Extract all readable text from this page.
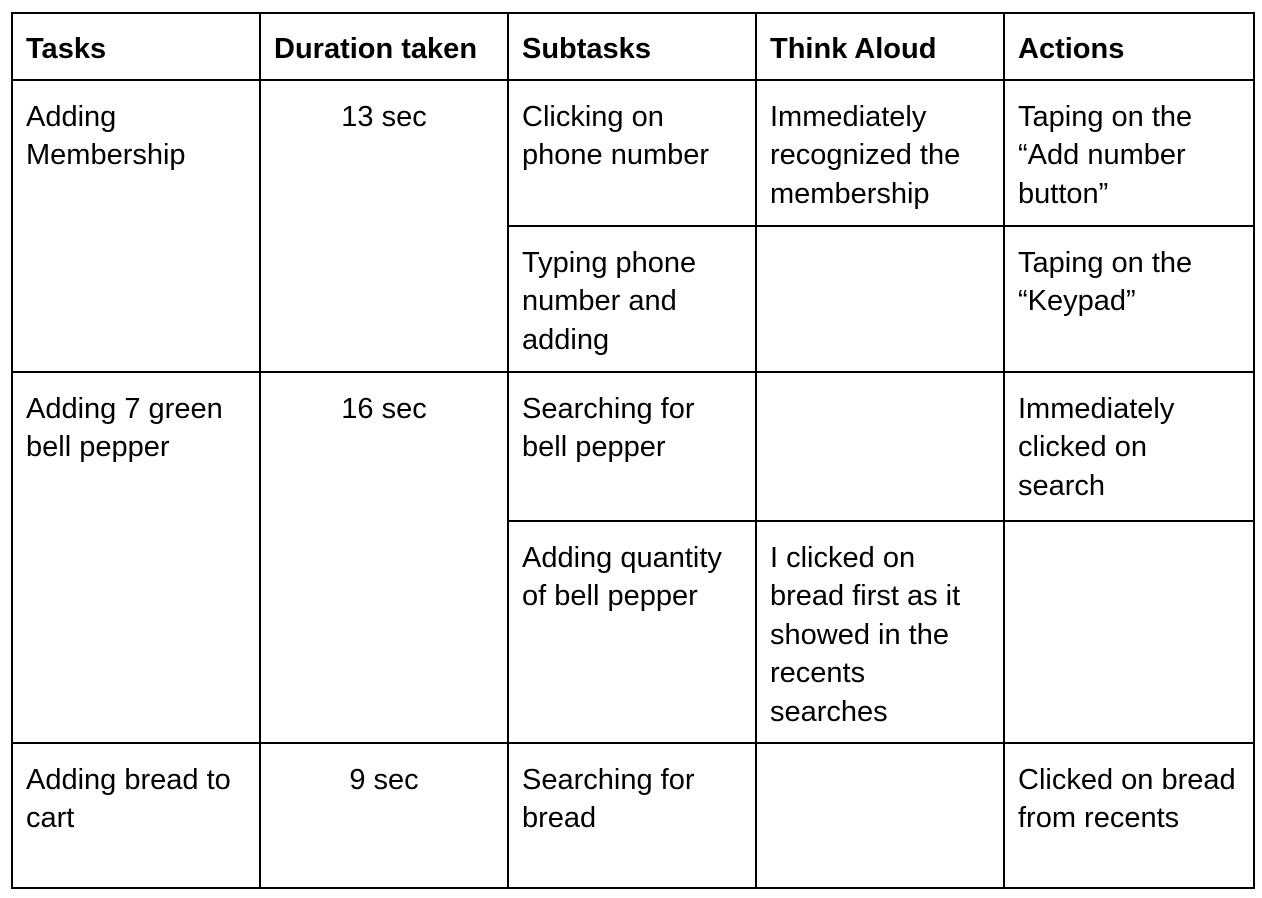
Tasks	Duration taken	Subtasks	Think Aloud	Actions
Adding Membership	13 sec	Clicking on phone number	Immediately recognized the membership	Taping on the “Add number button”
		Typing phone number and adding		Taping on the “Keypad”
Adding 7 green bell pepper	16 sec	Searching for bell pepper		Immediately clicked on search
		Adding quantity of bell pepper	I clicked on bread first as it showed in the recents searches	
Adding bread to cart	9 sec	Searching for bread		Clicked on bread from recents
